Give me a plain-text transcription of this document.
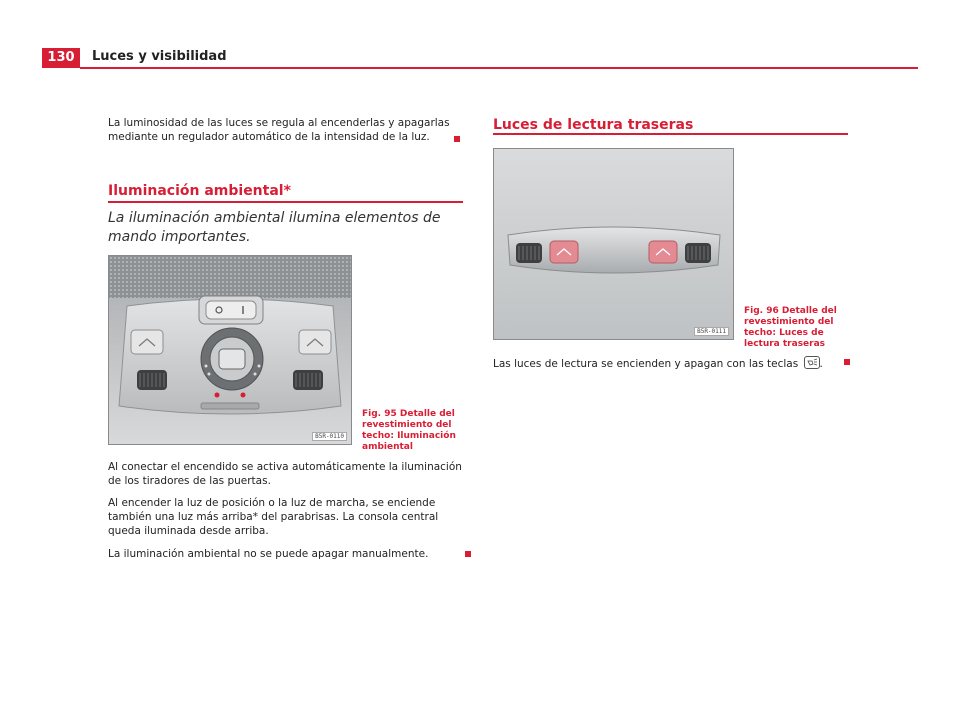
130	Luces y visibilidad
La luminosidad de las luces se regula al encenderlas y apagarlas mediante un regulador automático de la intensidad de la luz.
Iluminación ambiental*
La iluminación ambiental ilumina elementos de mando importantes.
B5R-0110
Fig. 95 Detalle del revestimiento del techo: Iluminación ambiental
Al conectar el encendido se activa automáticamente la iluminación de los tiradores de las puertas.
Al encender la luz de posición o la luz de marcha, se enciende también una luz más arriba* del parabrisas. La consola central queda iluminada desde arriba.
La iluminación ambiental no se puede apagar manualmente.
Luces de lectura traseras
B5R-0111
Fig. 96 Detalle del revestimiento del techo: Luces de lectura traseras
Las luces de lectura se encienden y apagan con las teclas .
